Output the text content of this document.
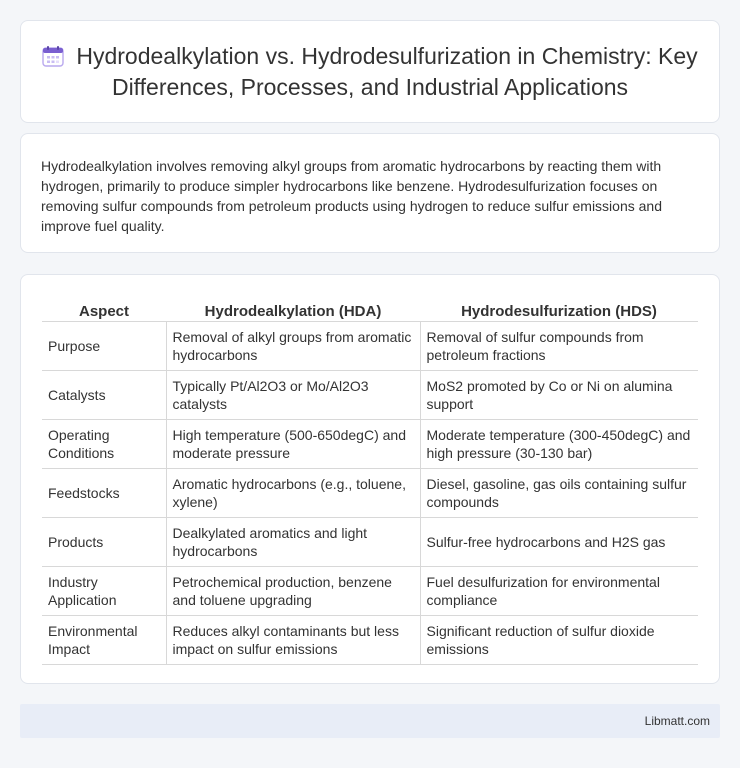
Hydrodealkylation vs. Hydrodesulfurization in Chemistry: Key Differences, Processes, and Industrial Applications

Hydrodealkylation involves removing alkyl groups from aromatic hydrocarbons by reacting them with hydrogen, primarily to produce simpler hydrocarbons like benzene. Hydrodesulfurization focuses on removing sulfur compounds from petroleum products using hydrogen to reduce sulfur emissions and improve fuel quality.

Aspect	Hydrodealkylation (HDA)	Hydrodesulfurization (HDS)
Purpose	Removal of alkyl groups from aromatic hydrocarbons	Removal of sulfur compounds from petroleum fractions
Catalysts	Typically Pt/Al2O3 or Mo/Al2O3 catalysts	MoS2 promoted by Co or Ni on alumina support
Operating Conditions	High temperature (500-650degC) and moderate pressure	Moderate temperature (300-450degC) and high pressure (30-130 bar)
Feedstocks	Aromatic hydrocarbons (e.g., toluene, xylene)	Diesel, gasoline, gas oils containing sulfur compounds
Products	Dealkylated aromatics and light hydrocarbons	Sulfur-free hydrocarbons and H2S gas
Industry Application	Petrochemical production, benzene and toluene upgrading	Fuel desulfurization for environmental compliance
Environmental Impact	Reduces alkyl contaminants but less impact on sulfur emissions	Significant reduction of sulfur dioxide emissions
Libmatt.com
